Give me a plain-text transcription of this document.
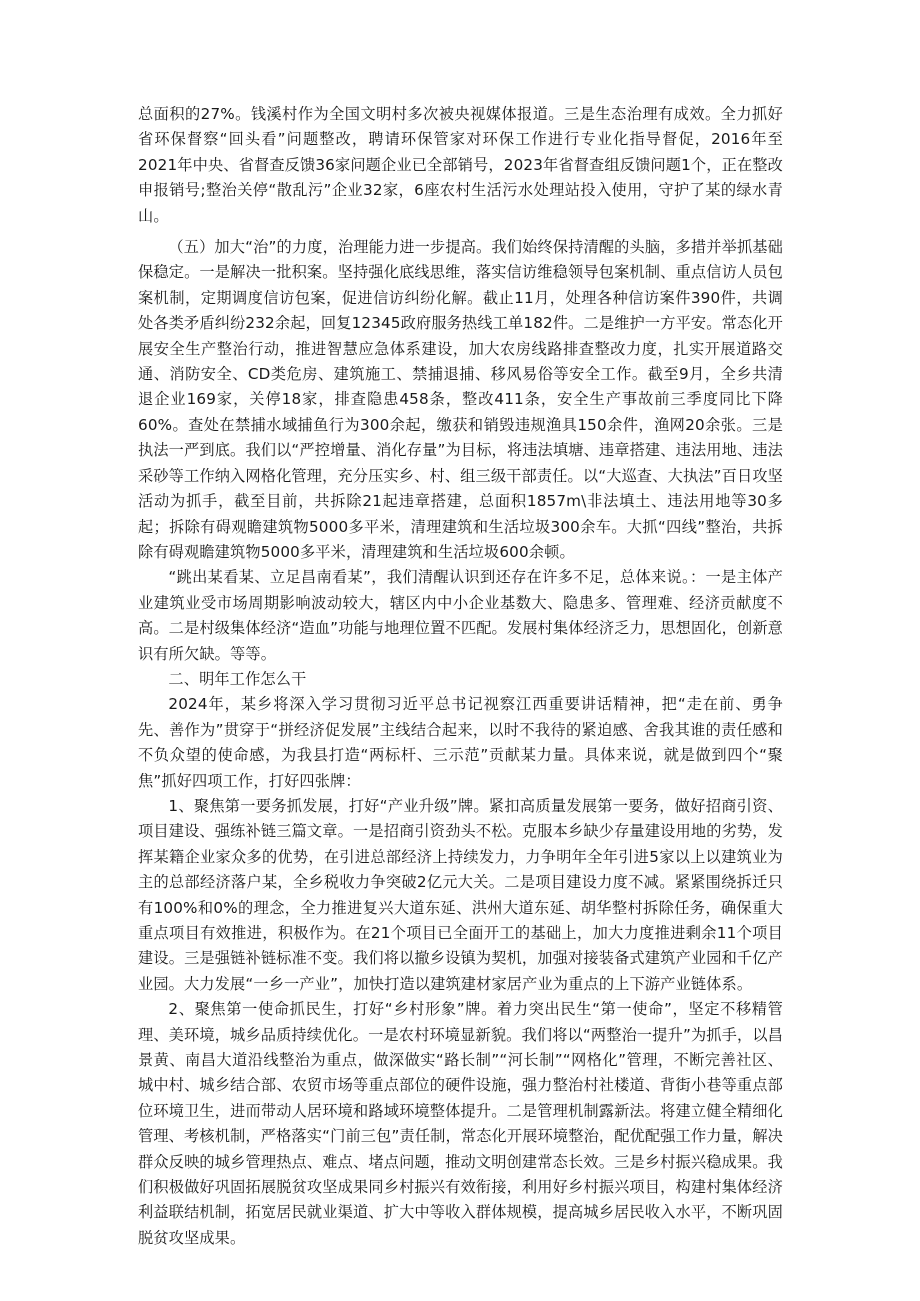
总面积的27%。钱溪村作为全国文明村多次被央视媒体报道。三是生态治理有成效。全力抓好省环保督察“回头看”问题整改，聘请环保管家对环保工作进行专业化指导督促，2016年至2021年中央、省督查反馈36家问题企业已全部销号，2023年省督查组反馈问题1个，正在整改申报销号;整治关停“散乱污”企业32家，6座农村生活污水处理站投入使用，守护了某的绿水青山。

（五）加大“治”的力度，治理能力进一步提高。我们始终保持清醒的头脑，多措并举抓基础保稳定。一是解决一批积案。坚持强化底线思维，落实信访维稳领导包案机制、重点信访人员包案机制，定期调度信访包案，促进信访纠纷化解。截止11月，处理各种信访案件390件，共调处各类矛盾纠纷232余起，回复12345政府服务热线工单182件。二是维护一方平安。常态化开展安全生产整治行动，推进智慧应急体系建设，加大农房线路排查整改力度，扎实开展道路交通、消防安全、CD类危房、建筑施工、禁捕退捕、移风易俗等安全工作。截至9月，全乡共清退企业169家，关停18家，排查隐患458条，整改411条，安全生产事故前三季度同比下降60%。查处在禁捕水域捕鱼行为300余起，缴获和销毁违规渔具150余件，渔网20余张。三是执法一严到底。我们以“严控增量、消化存量”为目标，将违法填塘、违章搭建、违法用地、违法采砂等工作纳入网格化管理，充分压实乡、村、组三级干部责任。以“大巡查、大执法”百日攻坚活动为抓手，截至目前，共拆除21起违章搭建，总面积1857m\非法填土、违法用地等30多起；拆除有碍观瞻建筑物5000多平米，清理建筑和生活垃圾300余车。大抓“四线”整治，共拆除有碍观瞻建筑物5000多平米，清理建筑和生活垃圾600余顿。

“跳出某看某、立足昌南看某”，我们清醒认识到还存在许多不足，总体来说。：一是主体产业建筑业受市场周期影响波动较大，辖区内中小企业基数大、隐患多、管理难、经济贡献度不高。二是村级集体经济“造血”功能与地理位置不匹配。发展村集体经济乏力，思想固化，创新意识有所欠缺。等等。

二、明年工作怎么干

2024年，某乡将深入学习贯彻习近平总书记视察江西重要讲话精神，把“走在前、勇争先、善作为”贯穿于“拼经济促发展”主线结合起来，以时不我待的紧迫感、舍我其谁的责任感和不负众望的使命感，为我县打造“两标杆、三示范”贡献某力量。具体来说，就是做到四个“聚焦”抓好四项工作，打好四张牌：

1、聚焦第一要务抓发展，打好“产业升级”牌。紧扣高质量发展第一要务，做好招商引资、项目建设、强练补链三篇文章。一是招商引资劲头不松。克服本乡缺少存量建设用地的劣势，发挥某籍企业家众多的优势，在引进总部经济上持续发力，力争明年全年引进5家以上以建筑业为主的总部经济落户某，全乡税收力争突破2亿元大关。二是项目建设力度不减。紧紧围绕拆迁只有100%和0%的理念，全力推进复兴大道东延、洪州大道东延、胡华整村拆除任务，确保重大重点项目有效推进，积极作为。在21个项目已全面开工的基础上，加大力度推进剩余11个项目建设。三是强链补链标准不变。我们将以撤乡设镇为契机，加强对接装备式建筑产业园和千亿产业园。大力发展“一乡一产业”，加快打造以建筑建材家居产业为重点的上下游产业链体系。

2、聚焦第一使命抓民生，打好“乡村形象”牌。着力突出民生“第一使命”，坚定不移精管理、美环境，城乡品质持续优化。一是农村环境显新貌。我们将以“两整治一提升”为抓手，以昌景黄、南昌大道沿线整治为重点，做深做实“路长制”“河长制”“网格化”管理，不断完善社区、城中村、城乡结合部、农贸市场等重点部位的硬件设施，强力整治村社楼道、背街小巷等重点部位环境卫生，进而带动人居环境和路域环境整体提升。二是管理机制露新法。将建立健全精细化管理、考核机制，严格落实“门前三包”责任制，常态化开展环境整治，配优配强工作力量，解决群众反映的城乡管理热点、难点、堵点问题，推动文明创建常态长效。三是乡村振兴稳成果。我们积极做好巩固拓展脱贫攻坚成果同乡村振兴有效衔接，利用好乡村振兴项目，构建村集体经济利益联结机制，拓宽居民就业渠道、扩大中等收入群体规模，提高城乡居民收入水平，不断巩固脱贫攻坚成果。
